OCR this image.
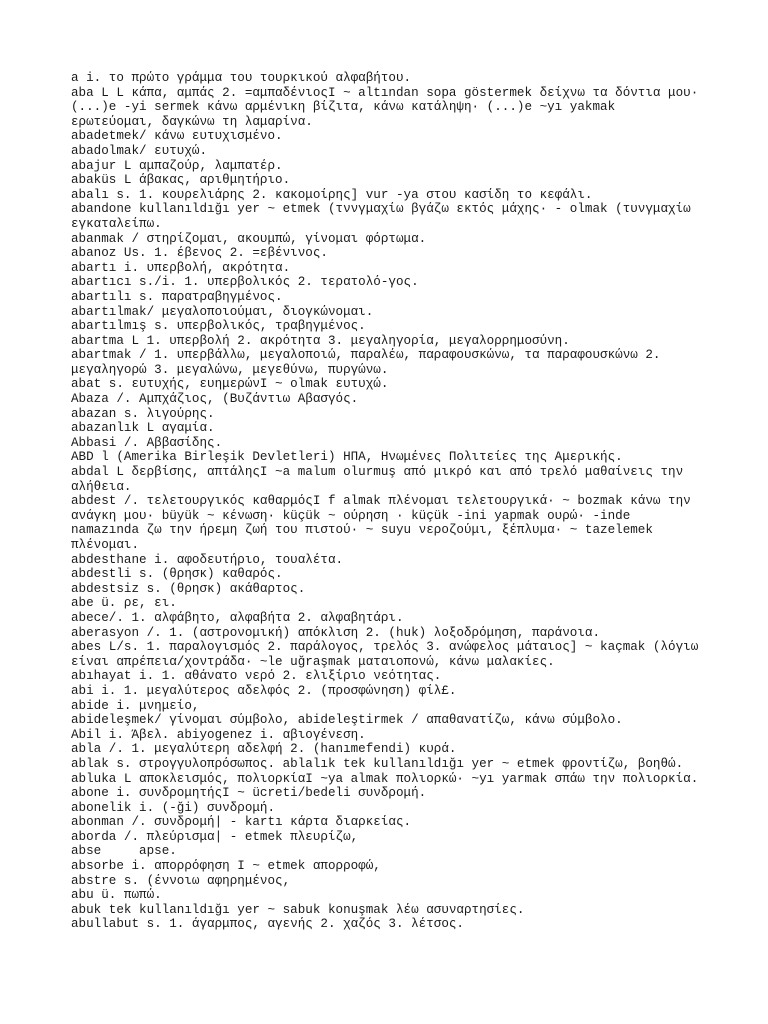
a i. το πρώτο γράμμα του τουρκικού αλφαβήτου.

aba L L κάπα, αμπάς 2. =αμπαδένιοςI ~ altından sopa göstermek δείχνω τα δόντια μου· (...)e -yi sermek κάνω αρμένικη βίζιτα, κάνω κατάληψη· (...)e ~yı yakmak ερωτεύομαι, δαγκώνω τη λαμαρίνα.

abadetmek/ κάνω ευτυχισμένο.

abadolmak/ ευτυχώ.

abajur L αμπαζούρ, λαμπατέρ.

abaküs L άβακας, αριθμητήριο.

abalı s. 1. κουρελιάρης 2. κακομοίρης] vur -ya στου κασίδη το κεφάλι.

abandone kullanıldığı yer ~ etmek (τννγμαχίω βγάζω εκτός μάχης· - olmak (τυνγμαχίω εγκαταλείπω.

abanmak / στηρίζομαι, ακουμπώ, γίνομαι φόρτωμα.

abanoz Us. 1. έβενος 2. =εβένινος.

abartı i. υπερβολή, ακρότητα.

abartıcı s./i. 1. υπερβολικός 2. τερατολό-γος.

abartılı s. παρατραβηγμένος.

abartılmak/ μεγαλοποιούμαι, διογκώνομαι.

abartılmış s. υπερβολικός, τραβηγμένος.

abartma L 1. υπερβολή 2. ακρότητα 3. μεγαληγορία, μεγαλορρημοσύνη.

abartmak / 1. υπερβάλλω, μεγαλοποιώ, παραλέω, παραφουσκώνω, τα παραφουσκώνω 2. μεγαληγορώ 3. μεγαλώνω, μεγεθύνω, πυργώνω.

abat s. ευτυχής, ευημερώνI ~ olmak ευτυχώ.

Abaza /. Αμπχάζιος, (Βυζάντιω Αβασγός.

abazan s. λιγούρης.

abazanlık L αγαμία.

Abbasi /. Αββασίδης.

ABD l (Amerika Birleşik Devletleri) ΗΠΑ, Ηνωμένες Πολιτείες της Αμερικής.

abdal L δερβίσης, απτάληςI ~a malum olurmuş από μικρό και από τρελό μαθαίνεις την αλήθεια.

abdest /. τελετουργικός καθαρμόςI f almak πλένομαι τελετουργικά· ~ bozmak κάνω την ανάγκη μου· büyük ~ κένωση· küçük ~ ούρηση · küçük -ini yapmak ουρώ· -inde namazında ζω την ήρεμη ζωή του πιστού· ~ suyu νεροζούμι, ξέπλυμα· ~ tazelemek πλένομαι.

abdesthane i. αφοδευτήριο, τουαλέτα.

abdestli s. (θρησκ) καθαρός.

abdestsiz s. (θρησκ) ακάθαρτος.

abe ü. ρε, ει.

abece/. 1. αλφάβητο, αλφαβήτα 2. αλφαβητάρι.

aberasyon /. 1. (αστρονομική) απόκλιση 2. (huk) λοξοδρόμηση, παράνοια.

abes L/s. 1. παραλογισμός 2. παράλογος, τρελός 3. ανώφελος μάταιος] ~ kaçmak (λόγιω είναι απρέπεια/χοντράδα· ~le uğraşmak ματαιοπονώ, κάνω μαλακίες.

abıhayat i. 1. αθάνατο νερό 2. ελιξίριο νεότητας.

abi i. 1. μεγαλύτερος αδελφός 2. (προσφώνηση) φίλ£.

abide i. μνημείο,

abideleşmek/ γίνομαι σύμβολο, abideleştirmek / απαθανατίζω, κάνω σύμβολο.

Abil i. Άβελ. abiyogenez i. αβιογένεση.

abla /. 1. μεγαλύτερη αδελφή 2. (hanımefendi) κυρά.

ablak s. στρογγυλοπρόσωπος. ablalık tek kullanıldığı yer ~ etmek φροντίζω, βοηθώ.

abluka L αποκλεισμός, πολιορκίαI ~ya almak πολιορκώ· ~yı yarmak σπάω την πολιορκία.

abone i. συνδρομητήςI ~ ücreti/bedeli συνδρομή.

abonelik i. (-ği) συνδρομή.

abonman /. συνδρομή| - kartı κάρτα διαρκείας.

aborda /. πλεύρισμα| - etmek πλευρίζω,

abse     apse.

absorbe i. απορρόφηση I ~ etmek απορροφώ,

abstre s. (έννοιω αφηρημένος,

abu ü. πωπώ.

abuk tek kullanıldığı yer ~ sabuk konuşmak λέω ασυναρτησίες.

abullabut s. 1. άγαρμπος, αγενής 2. χαζός 3. λέτσος.
